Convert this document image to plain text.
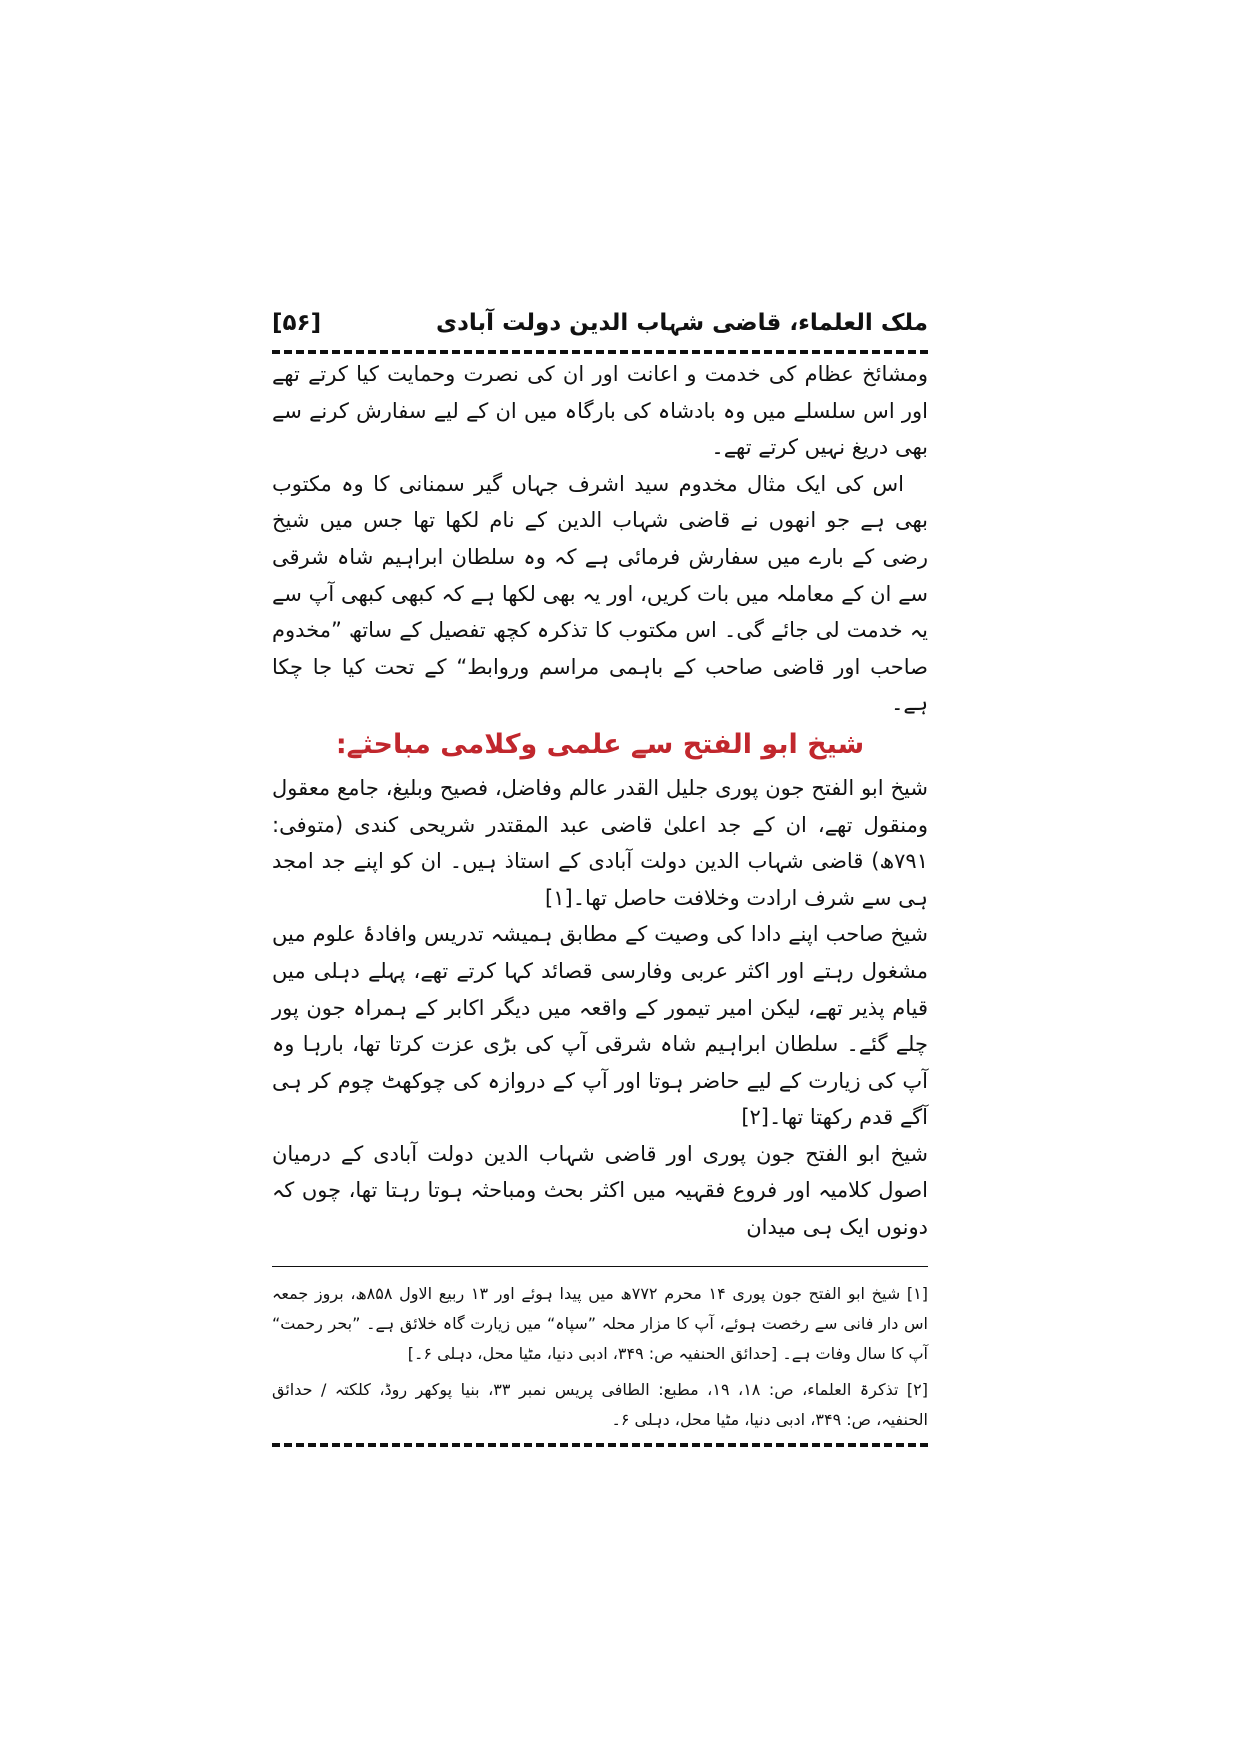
ملک العلماء، قاضی شہاب الدین دولت آبادی
[۵۶]

ومشائخ عظام کی خدمت و اعانت اور ان کی نصرت وحمایت کیا کرتے تھے اور اس سلسلے میں وہ بادشاہ کی بارگاہ میں ان کے لیے سفارش کرنے سے بھی دریغ نہیں کرتے تھے۔

اس کی ایک مثال مخدوم سید اشرف جہاں گیر سمنانی کا وہ مکتوب بھی ہے جو انھوں نے قاضی شہاب الدین کے نام لکھا تھا جس میں شیخ رضی کے بارے میں سفارش فرمائی ہے کہ وہ سلطان ابراہیم شاہ شرقی سے ان کے معاملہ میں بات کریں، اور یہ بھی لکھا ہے کہ کبھی کبھی آپ سے یہ خدمت لی جائے گی۔ اس مکتوب کا تذکرہ کچھ تفصیل کے ساتھ ”مخدوم صاحب اور قاضی صاحب کے باہمی مراسم وروابط“ کے تحت کیا جا چکا ہے۔

شیخ ابو الفتح سے علمی وکلامی مباحثے:

شیخ ابو الفتح جون پوری جلیل القدر عالم وفاضل، فصیح وبلیغ، جامع معقول ومنقول تھے، ان کے جد اعلیٰ قاضی عبد المقتدر شریحی کندی (متوفی: ۷۹۱ھ) قاضی شہاب الدین دولت آبادی کے استاذ ہیں۔ ان کو اپنے جد امجد ہی سے شرف ارادت وخلافت حاصل تھا۔[۱]

شیخ صاحب اپنے دادا کی وصیت کے مطابق ہمیشہ تدریس وافادۂ علوم میں مشغول رہتے اور اکثر عربی وفارسی قصائد کہا کرتے تھے، پہلے دہلی میں قیام پذیر تھے، لیکن امیر تیمور کے واقعہ میں دیگر اکابر کے ہمراہ جون پور چلے گئے۔ سلطان ابراہیم شاہ شرقی آپ کی بڑی عزت کرتا تھا، بارہا وہ آپ کی زیارت کے لیے حاضر ہوتا اور آپ کے دروازہ کی چوکھٹ چوم کر ہی آگے قدم رکھتا تھا۔[۲]

شیخ ابو الفتح جون پوری اور قاضی شہاب الدین دولت آبادی کے درمیان اصول کلامیہ اور فروع فقہیہ میں اکثر بحث ومباحثہ ہوتا رہتا تھا، چوں کہ دونوں ایک ہی میدان

[۱] شیخ ابو الفتح جون پوری ۱۴ محرم ۷۷۲ھ میں پیدا ہوئے اور ۱۳ ربیع الاول ۸۵۸ھ، بروز جمعہ اس دار فانی سے رخصت ہوئے، آپ کا مزار محلہ ”سپاہ“ میں زیارت گاہ خلائق ہے۔ ”بحر رحمت“ آپ کا سال وفات ہے۔ [حدائق الحنفیہ ص: ۳۴۹، ادبی دنیا، مٹیا محل، دہلی ۶۔]

[۲] تذکرۃ العلماء، ص: ۱۸، ۱۹، مطبع: الطافی پریس نمبر ۳۳، بنیا پوکھر روڈ، کلکتہ / حدائق الحنفیہ، ص: ۳۴۹، ادبی دنیا، مٹیا محل، دہلی ۶۔
